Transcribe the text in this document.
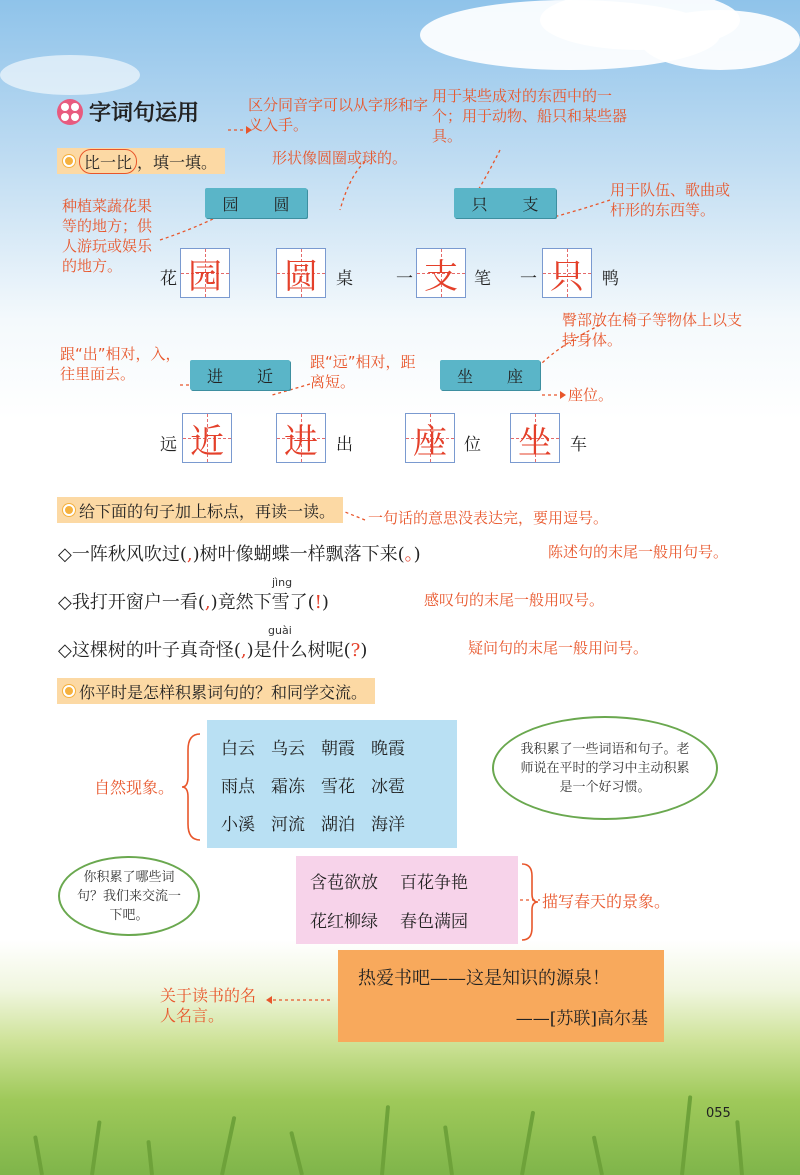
字词句运用
比一比 ，填一填。
区分同音字可以从字形和字义入手。
用于某些成对的东西中的一个；用于动物、船只和某些器具。
形状像圆圈或球的。
种植菜蔬花果等的地方；供人游玩或娱乐的地方。
用于队伍、歌曲或杆形的东西等。
臀部放在椅子等物体上以支持身体。
跟“出”相对，入，往里面去。
跟“远”相对，距离短。
座位。
园 圆	只 支
进 近	坐 座
花 园 圆	桌	一 支 笔 一 只	鸭
远 近 进	出 座	位 坐	车
给下面的句子加上标点，再读一读。 一句话的意思没表达完，要用逗号。
◇一阵秋风吹过(,)树叶像蝴蝶一样飘落下来(。)	陈述句的末尾一般用句号。
jìng
◇我打开窗户一看(,)竟然下雪了(!)	感叹句的末尾一般用叹号。
guài
◇这棵树的叶子真奇怪(,)是什么树呢(?)	疑问句的末尾一般用问号。
你平时是怎样积累词句的？和同学交流。
自然现象。
白云 乌云 朝霞 晚霞
雨点 霜冻 雪花 冰雹
小溪 河流 湖泊 海洋
我积累了一些词语和句子。老师说在平时的学习中主动积累是一个好习惯。
你积累了哪些词句？我们来交流一下吧。
含苞欲放 百花争艳
花红柳绿 春色满园
描写春天的景象。
热爱书吧——这是知识的源泉！
——[苏联]高尔基
关于读书的名人名言。
055
